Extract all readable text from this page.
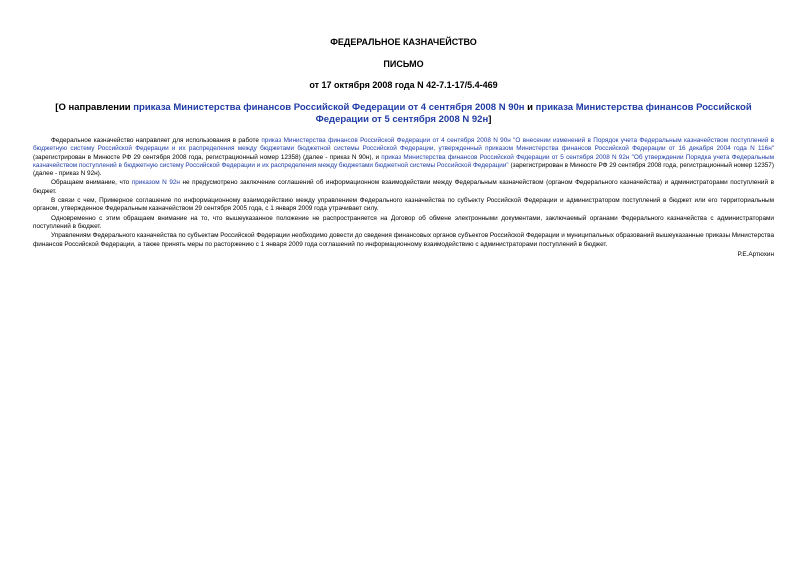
ФЕДЕРАЛЬНОЕ КАЗНАЧЕЙСТВО
ПИСЬМО
от 17 октября 2008 года N 42-7.1-17/5.4-469
[О направлении приказа Министерства финансов Российской Федерации от 4 сентября 2008 N 90н и приказа Министерства финансов Российской Федерации от 5 сентября 2008 N 92н]

Федеральное казначейство направляет для использования в работе приказ Министерства финансов Российской Федерации от 4 сентября 2008 N 90н "О внесении изменений в Порядок учета Федеральным казначейством поступлений в бюджетную систему Российской Федерации и их распределения между бюджетами бюджетной системы Российской Федерации, утвержденный приказом Министерства финансов Российской Федерации от 16 декабря 2004 года N 116н" (зарегистрирован в Минюсте РФ 29 сентября 2008 года, регистрационный номер 12358) (далее - приказ N 90н), и приказ Министерства финансов Российской Федерации от 5 сентября 2008 N 92н "Об утверждении Порядка учета Федеральным казначейством поступлений в бюджетную систему Российской Федерации и их распределения между бюджетами бюджетной системы Российской Федерации" (зарегистрирован в Минюсте РФ 29 сентября 2008 года, регистрационный номер 12357) (далее - приказ N 92н).

Обращаем внимание, что приказом N 92н не предусмотрено заключение соглашений об информационном взаимодействии между Федеральным казначейством (органом Федерального казначейства) и администраторами поступлений в бюджет.

В связи с чем, Примерное соглашение по информационному взаимодействию между управлением Федерального казначейства по субъекту Российской Федерации и администратором поступлений в бюджет или его территориальным органом, утвержденное Федеральным казначейством 29 сентября 2005 года, с 1 января 2009 года утрачивает силу.

Одновременно с этим обращаем внимание на то, что вышеуказанное положение не распространяется на Договор об обмене электронными документами, заключаемый органами Федерального казначейства с администраторами поступлений в бюджет.

Управлениям Федерального казначейства по субъектам Российской Федерации необходимо довести до сведения финансовых органов субъектов Российской Федерации и муниципальных образований вышеуказанные приказы Министерства финансов Российской Федерации, а также принять меры по расторжению с 1 января 2009 года соглашений по информационному взаимодействию с администраторами поступлений в бюджет.

Р.Е.Артюхин
